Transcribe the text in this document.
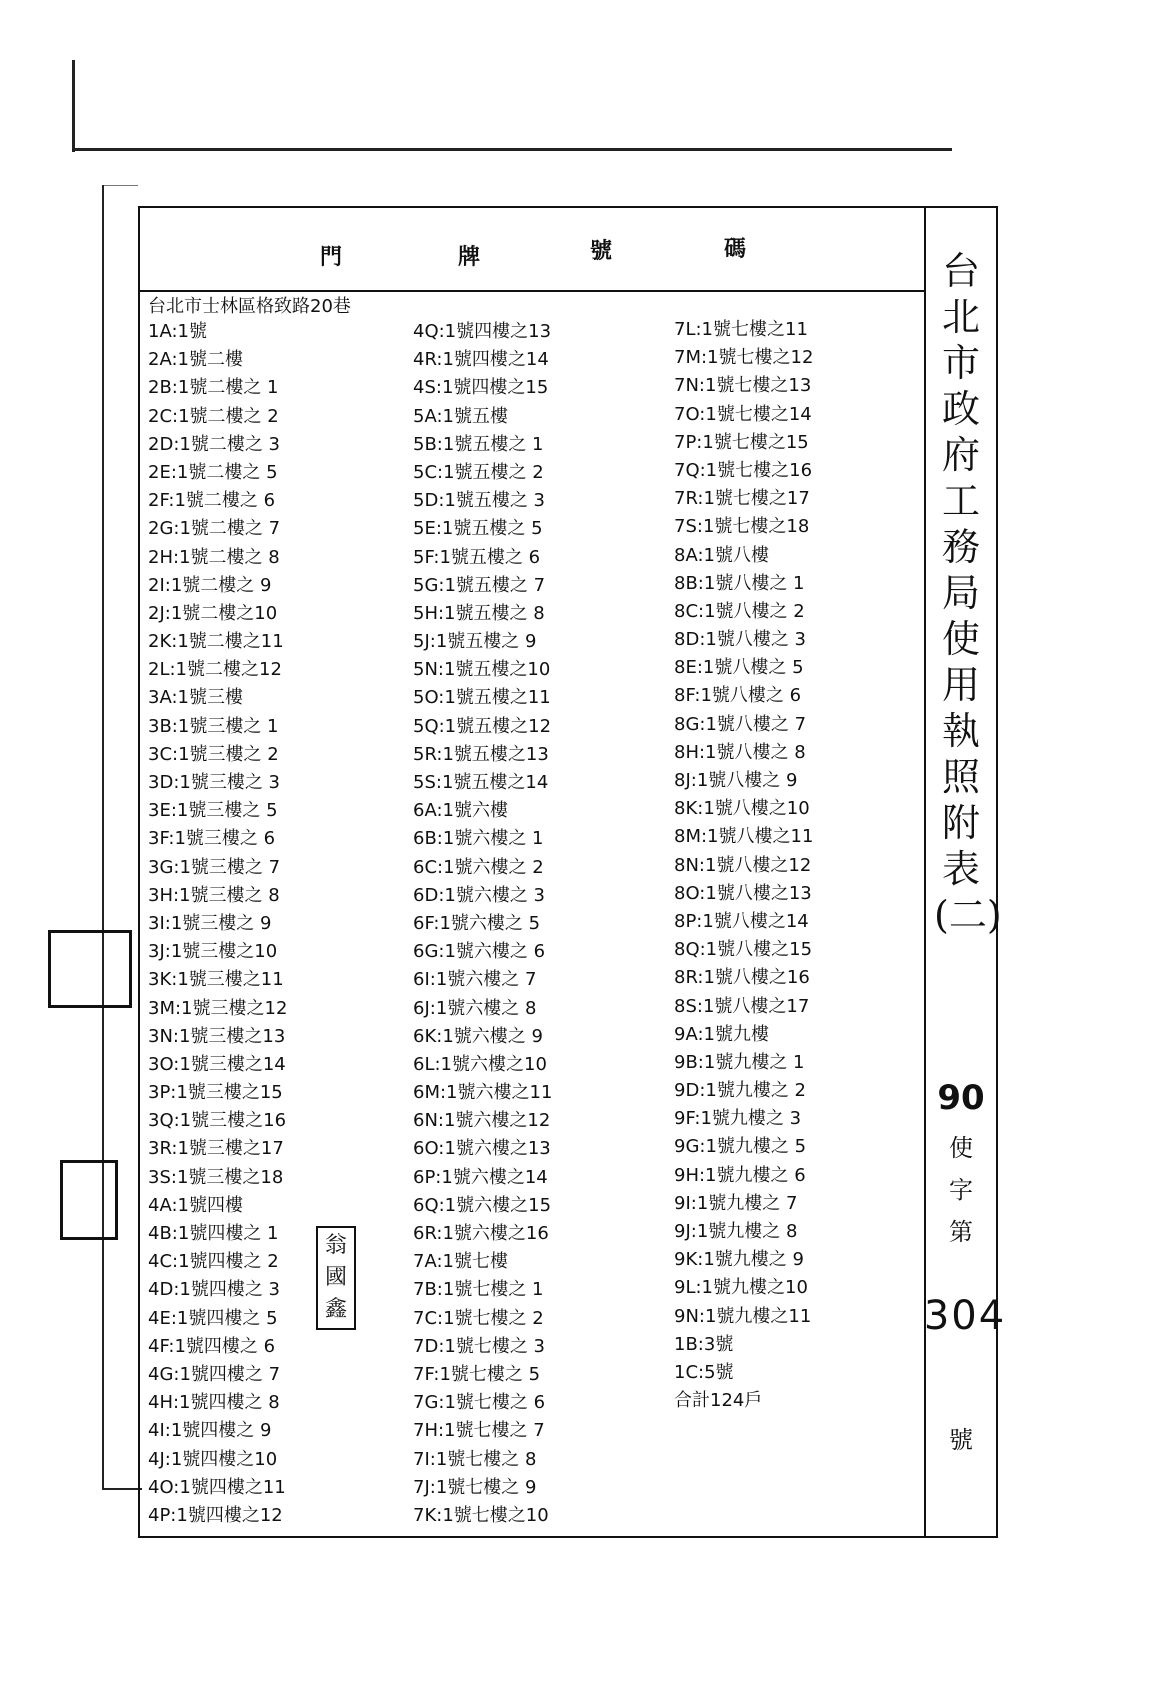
門	牌	號	碼
台北市士林區格致路20巷
1A:1號
2A:1號二樓
2B:1號二樓之 1
2C:1號二樓之 2
2D:1號二樓之 3
2E:1號二樓之 5
2F:1號二樓之 6
2G:1號二樓之 7
2H:1號二樓之 8
2I:1號二樓之 9
2J:1號二樓之10
2K:1號二樓之11
2L:1號二樓之12
3A:1號三樓
3B:1號三樓之 1
3C:1號三樓之 2
3D:1號三樓之 3
3E:1號三樓之 5
3F:1號三樓之 6
3G:1號三樓之 7
3H:1號三樓之 8
3I:1號三樓之 9
3J:1號三樓之10
3K:1號三樓之11
3M:1號三樓之12
3N:1號三樓之13
3O:1號三樓之14
3P:1號三樓之15
3Q:1號三樓之16
3R:1號三樓之17
3S:1號三樓之18
4A:1號四樓
4B:1號四樓之 1
4C:1號四樓之 2
4D:1號四樓之 3
4E:1號四樓之 5
4F:1號四樓之 6
4G:1號四樓之 7
4H:1號四樓之 8
4I:1號四樓之 9
4J:1號四樓之10
4O:1號四樓之11
4P:1號四樓之12
4Q:1號四樓之13
4R:1號四樓之14
4S:1號四樓之15
5A:1號五樓
5B:1號五樓之 1
5C:1號五樓之 2
5D:1號五樓之 3
5E:1號五樓之 5
5F:1號五樓之 6
5G:1號五樓之 7
5H:1號五樓之 8
5J:1號五樓之 9
5N:1號五樓之10
5O:1號五樓之11
5Q:1號五樓之12
5R:1號五樓之13
5S:1號五樓之14
6A:1號六樓
6B:1號六樓之 1
6C:1號六樓之 2
6D:1號六樓之 3
6F:1號六樓之 5
6G:1號六樓之 6
6I:1號六樓之 7
6J:1號六樓之 8
6K:1號六樓之 9
6L:1號六樓之10
6M:1號六樓之11
6N:1號六樓之12
6O:1號六樓之13
6P:1號六樓之14
6Q:1號六樓之15
6R:1號六樓之16
7A:1號七樓
7B:1號七樓之 1
7C:1號七樓之 2
7D:1號七樓之 3
7F:1號七樓之 5
7G:1號七樓之 6
7H:1號七樓之 7
7I:1號七樓之 8
7J:1號七樓之 9
7K:1號七樓之10
7L:1號七樓之11
7M:1號七樓之12
7N:1號七樓之13
7O:1號七樓之14
7P:1號七樓之15
7Q:1號七樓之16
7R:1號七樓之17
7S:1號七樓之18
8A:1號八樓
8B:1號八樓之 1
8C:1號八樓之 2
8D:1號八樓之 3
8E:1號八樓之 5
8F:1號八樓之 6
8G:1號八樓之 7
8H:1號八樓之 8
8J:1號八樓之 9
8K:1號八樓之10
8M:1號八樓之11
8N:1號八樓之12
8O:1號八樓之13
8P:1號八樓之14
8Q:1號八樓之15
8R:1號八樓之16
8S:1號八樓之17
9A:1號九樓
9B:1號九樓之 1
9D:1號九樓之 2
9F:1號九樓之 3
9G:1號九樓之 5
9H:1號九樓之 6
9I:1號九樓之 7
9J:1號九樓之 8
9K:1號九樓之 9
9L:1號九樓之10
9N:1號九樓之11
1B:3號
1C:5號
合計124戶
翁
國
鑫
台
北
市
政
府
工
務
局
使
用
執
照
附
表
(二)
90
使
字
第
304
號
